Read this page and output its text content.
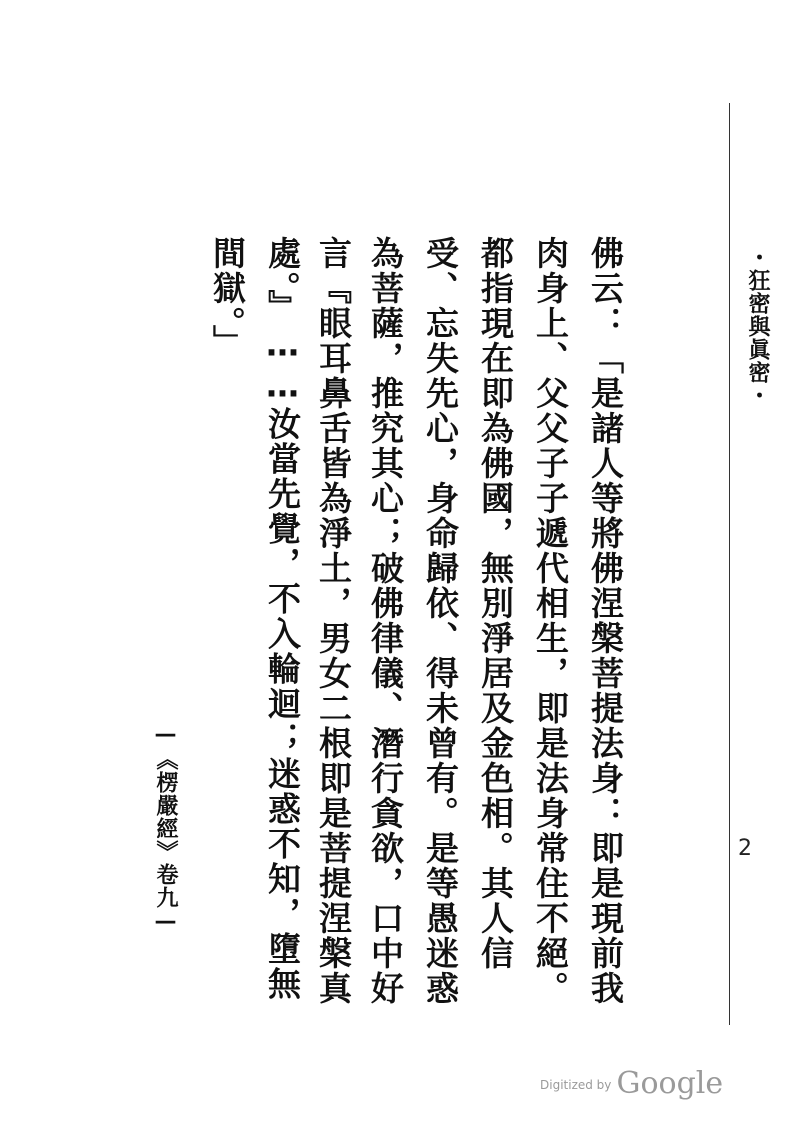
・狂密與眞密・
2
佛云：「是諸人等將佛涅槃菩提法身：即是現前我
肉身上、父父子子遞代相生，即是法身常住不絕。
都指現在即為佛國，無別淨居及金色相。其人信
受、忘失先心，身命歸依、得未曾有。是等愚迷惑
為菩薩，推究其心；破佛律儀、潛行貪欲，口中好
言『眼耳鼻舌皆為淨土，男女二根即是菩提涅槃真
處。』……汝當先覺，不入輪迴；迷惑不知，墮無
間獄。」
—《楞嚴經》卷九—
$^{Digitized by}$ Google
